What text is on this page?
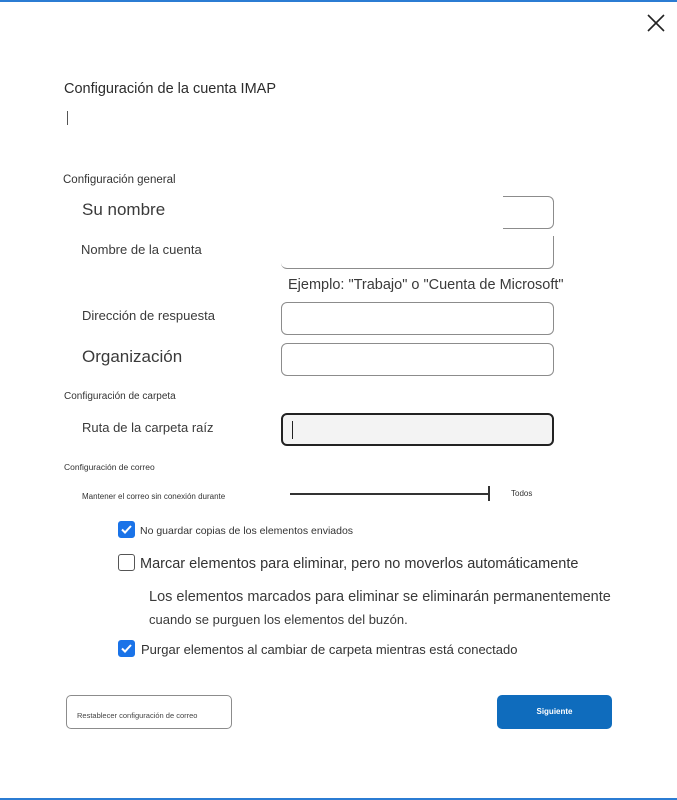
Configuración de la cuenta IMAP
Configuración general
Su nombre
Nombre de la cuenta
Ejemplo: "Trabajo" o "Cuenta de Microsoft"
Dirección de respuesta
Organización
Configuración de carpeta
Ruta de la carpeta raíz
Configuración de correo
Mantener el correo sin conexión durante	Todos
No guardar copias de los elementos enviados
Marcar elementos para eliminar, pero no moverlos automáticamente
Los elementos marcados para eliminar se eliminarán permanentemente
cuando se purguen los elementos del buzón.
Purgar elementos al cambiar de carpeta mientras está conectado
Restablecer configuración de correo	Siguiente
